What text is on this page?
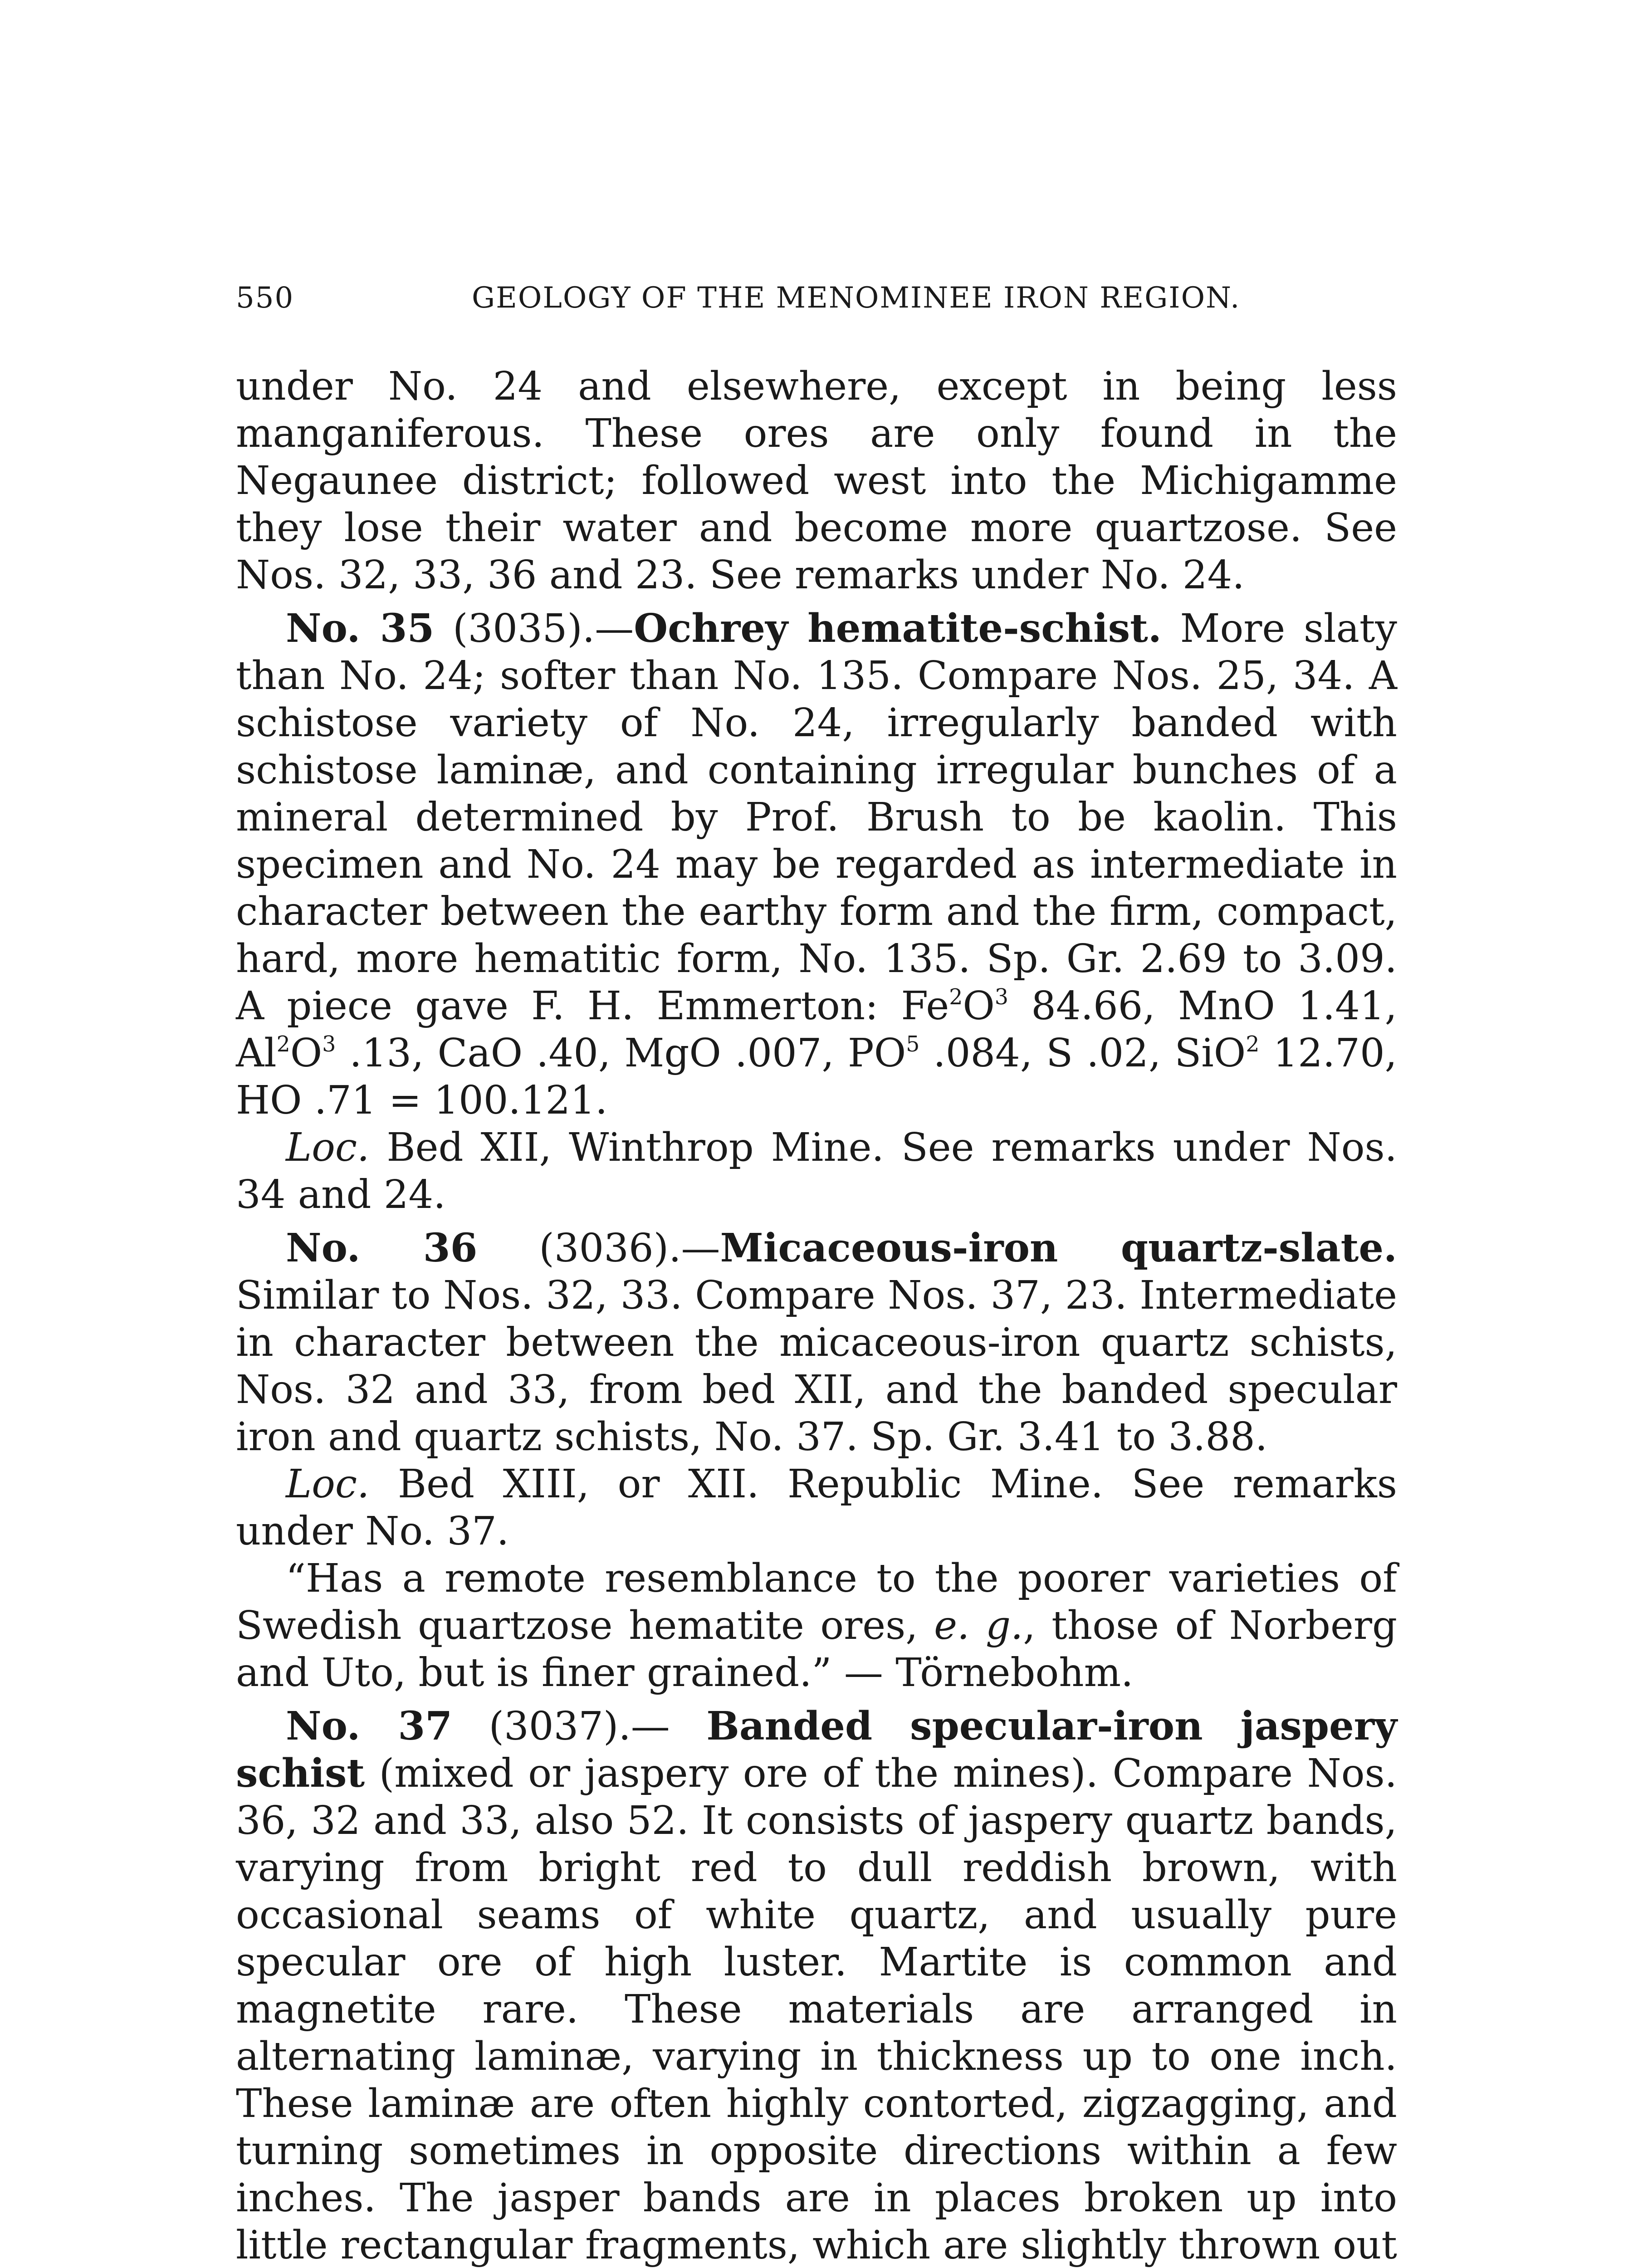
550	GEOLOGY OF THE MENOMINEE IRON REGION.

under No. 24 and elsewhere, except in being less manganiferous. These ores are only found in the Negaunee district; followed west into the Michigamme they lose their water and become more quartzose. See Nos. 32, 33, 36 and 23. See remarks under No. 24.

No. 35 (3035).—Ochrey hematite-schist. More slaty than No. 24; softer than No. 135. Compare Nos. 25, 34. A schistose variety of No. 24, irregularly banded with schistose laminæ, and containing irregular bunches of a mineral determined by Prof. Brush to be kaolin. This specimen and No. 24 may be regarded as intermediate in character between the earthy form and the firm, compact, hard, more hematitic form, No. 135. Sp. Gr. 2.69 to 3.09. A piece gave F. H. Emmerton: $Fe^2O^3$ 84.66, MnO 1.41, $Al^2O^3$ .13, CaO .40, MgO .007, $PO^5$ .084, S .02, SiO$^2$ 12.70, HO .71 = 100.121.

Loc. Bed XII, Winthrop Mine. See remarks under Nos. 34 and 24.

No. 36 (3036).—Micaceous-iron quartz-slate. Similar to Nos. 32, 33. Compare Nos. 37, 23. Intermediate in character between the micaceous-iron quartz schists, Nos. 32 and 33, from bed XII, and the banded specular iron and quartz schists, No. 37. Sp. Gr. 3.41 to 3.88.

Loc. Bed XIII, or XII. Republic Mine. See remarks under No. 37.

“Has a remote resemblance to the poorer varieties of Swedish quartzose hematite ores, e. g., those of Norberg and Uto, but is finer grained.” — Törnebohm.

No. 37 (3037).— Banded specular-iron jaspery schist (mixed or jaspery ore of the mines). Compare Nos. 36, 32 and 33, also 52. It consists of jaspery quartz bands, varying from bright red to dull reddish brown, with occasional seams of white quartz, and usually pure specular ore of high luster. Martite is common and magnetite rare. These materials are arranged in alternating laminæ, varying in thickness up to one inch. These laminæ are often highly contorted, zigzagging, and turning sometimes in opposite directions within a few inches. The jasper bands are in places broken up into little rectangular fragments, which are slightly thrown out
